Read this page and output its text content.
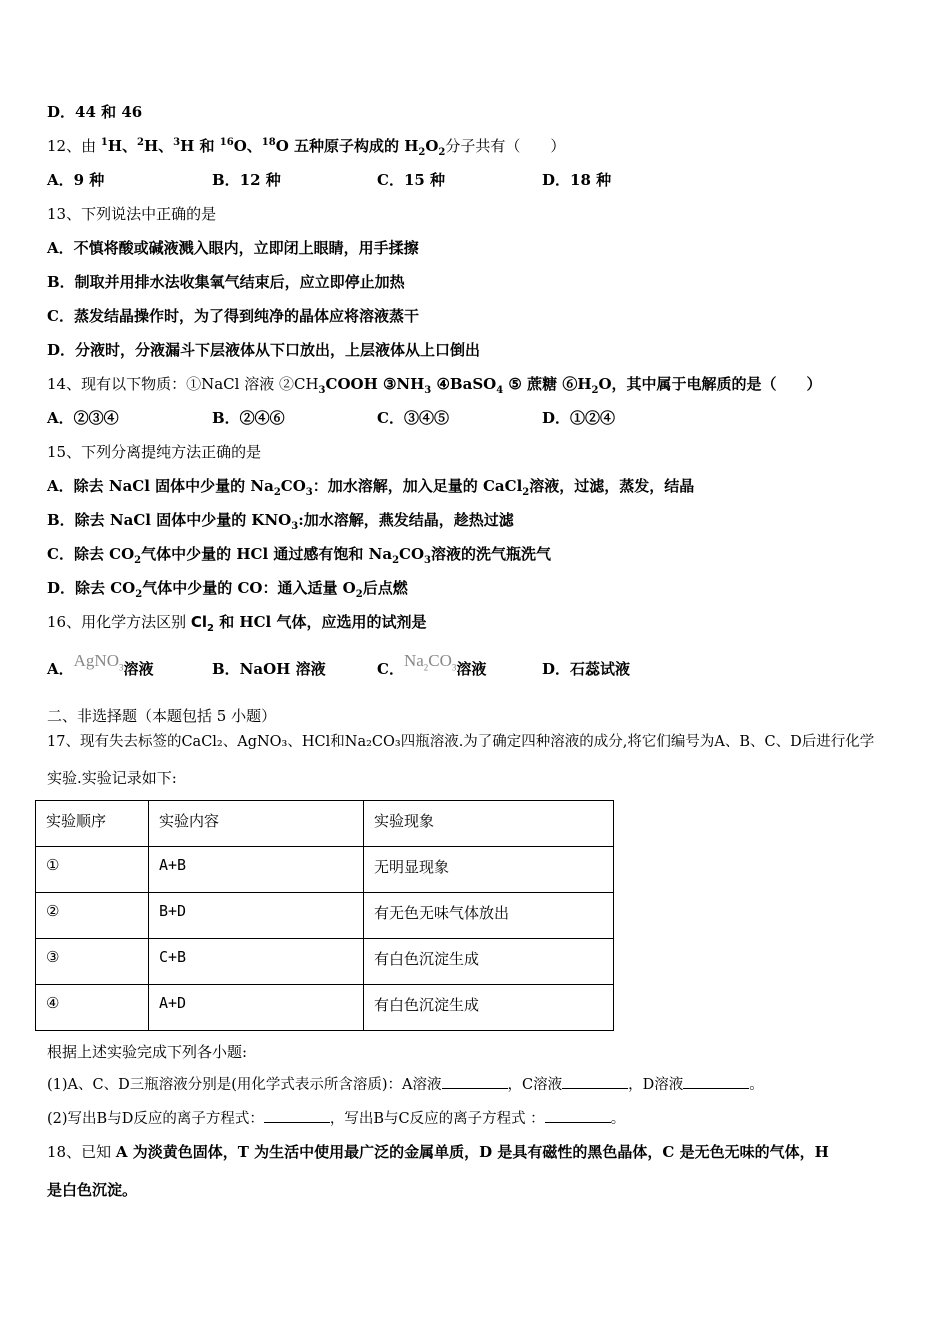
D．44 和 46
12、由 $^1$H、$^2$H、$^3$H 和 $^{16}$O、$^{18}$O 五种原子构成的 $H_2O_2$分子共有（　　）
A．9 种	B．12 种	C．15 种	D．18 种
13、下列说法中正确的是
A．不慎将酸或碱液溅入眼内，立即闭上眼睛，用手揉擦
B．制取并用排水法收集氧气结束后，应立即停止加热
C．蒸发结晶操作时，为了得到纯净的晶体应将溶液蒸干
D．分液时，分液漏斗下层液体从下口放出，上层液体从上口倒出
14、现有以下物质：①NaCl 溶液 $②CH_3COOH$ $③NH_3$ ④BaSO$_4$ ⑤ 蔗糖 $⑥H_2O$，其中属于电解质的是（　　）
A．②③④	B．②④⑥	C．③④⑤	D．①②④
15、下列分离提纯方法正确的是
A．除去 NaCl 固体中少量的 $Na_2CO_3$：加水溶解，加入足量的 CaCl$_2$溶液，过滤，蒸发，结晶
B．除去 NaCl 固体中少量的 $KNO_3$:加水溶解，燕发结晶，趁热过滤
C．除去 $CO_2$气体中少量的 HCl 通过感有饱和 $Na_2CO_3$溶液的洗气瓶洗气
D．除去 $CO_2$气体中少量的 CO：通入适量 $O_2$后点燃
16、用化学方法区别 $Cl_2$ 和 HCl 气体，应选用的试剂是
A．AgNO$_3$溶液	B．NaOH 溶液	C．$Na_2CO_3$溶液	D．石蕊试液
二、非选择题（本题包括 5 小题）
17、现有失去标签的CaCl₂、AgNO₃、HCl和Na₂CO₃四瓶溶液.为了确定四种溶液的成分,将它们编号为A、B、C、D后进行化学
实验.实验记录如下:
实验顺序	实验内容	实验现象
①	A+B	无明显现象
②	B+D	有无色无味气体放出
③	C+B	有白色沉淀生成
④	A+D	有白色沉淀生成
根据上述实验完成下列各小题:
(1)A、C、D三瓶溶液分别是(用化学式表示所含溶质)：A溶液	，C溶液	，D溶液	。
(2)写出B与D反应的离子方程式：	，写出B与C反应的离子方程式 ：	。
18、已知 A 为淡黄色固体，T 为生活中使用最广泛的金属单质，D 是具有磁性的黑色晶体，C 是无色无味的气体，H
是白色沉淀。
